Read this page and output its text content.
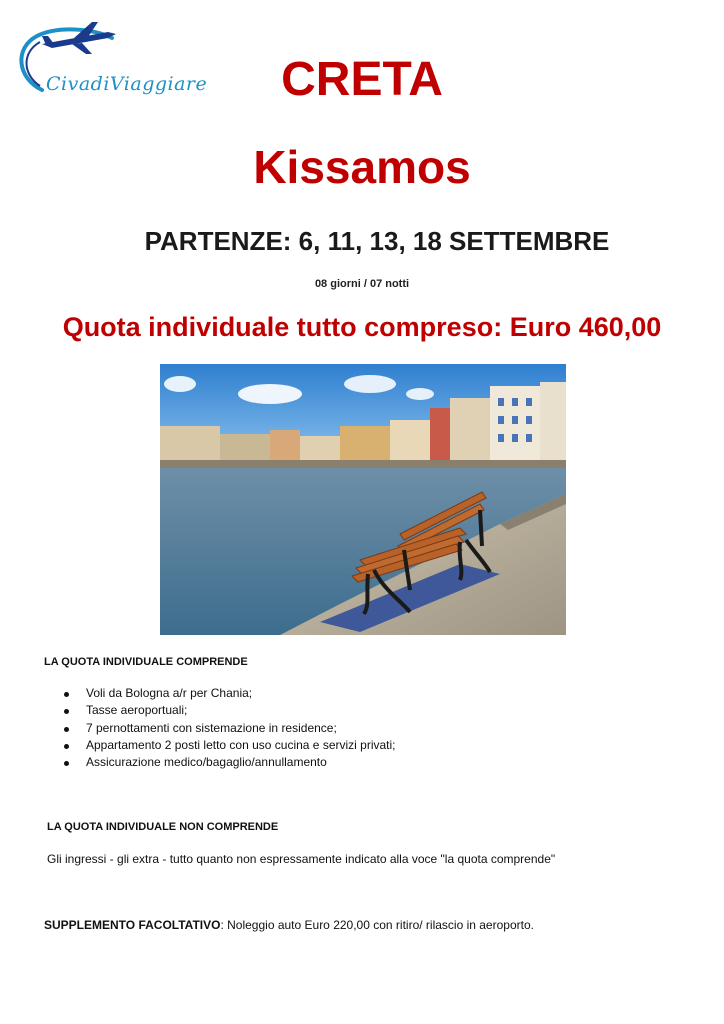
CivadiViaggiare	CRETA
Kissamos
PARTENZE: 6, 11, 13, 18 SETTEMBRE
08 giorni / 07 notti
Quota individuale tutto compreso: Euro 460,00
LA QUOTA INDIVIDUALE COMPRENDE
Voli da Bologna a/r per Chania;
Tasse aeroportuali;
7 pernottamenti con sistemazione in residence;
Appartamento 2 posti letto con uso cucina e servizi privati;
Assicurazione medico/bagaglio/annullamento
LA QUOTA INDIVIDUALE NON COMPRENDE
Gli ingressi - gli extra - tutto quanto non espressamente indicato alla voce "la quota comprende"
SUPPLEMENTO FACOLTATIVO: Noleggio auto Euro 220,00 con ritiro/ rilascio in aeroporto.
